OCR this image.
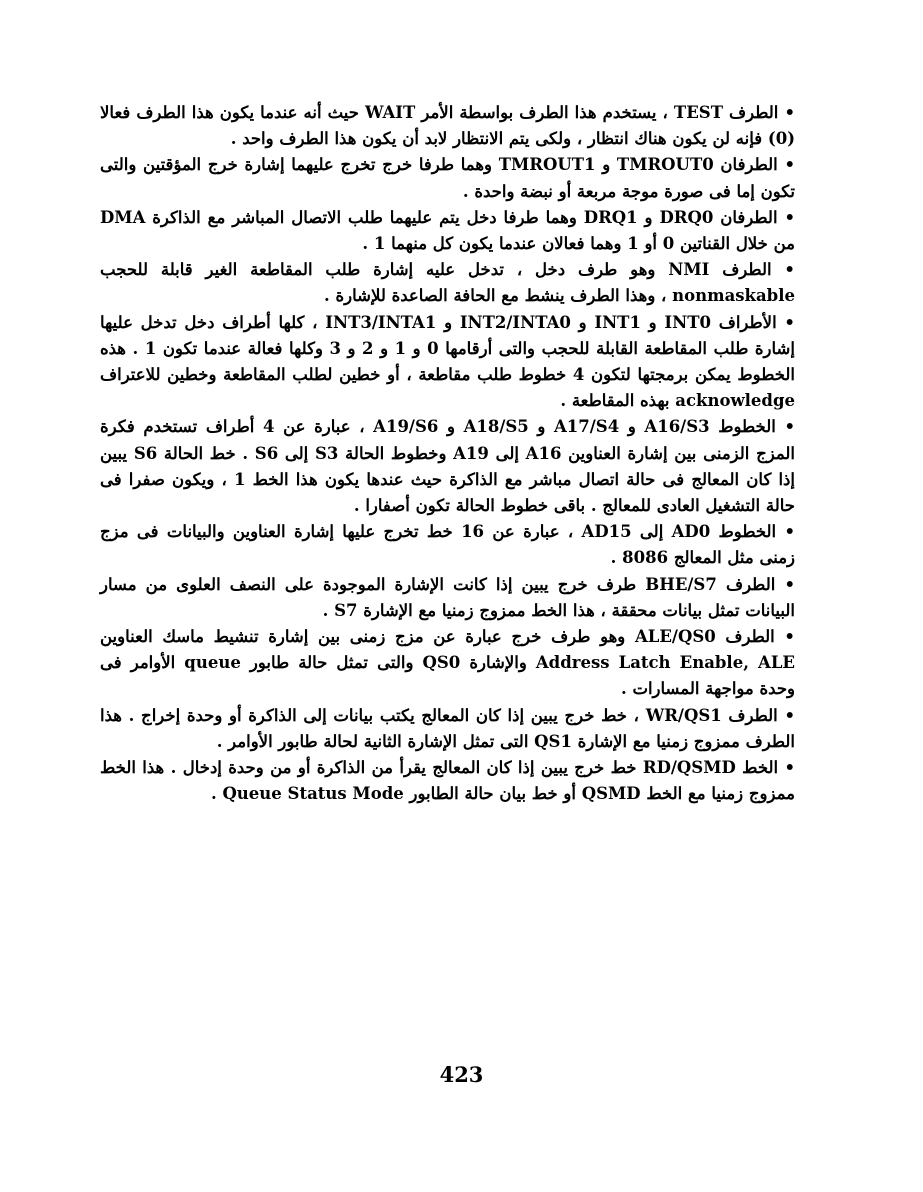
• الطرف TEST ، يستخدم هذا الطرف بواسطة الأمر WAIT حيث أنه عندما يكون هذا الطرف فعالا (0) فإنه لن يكون هناك انتظار ، ولكى يتم الانتظار لابد أن يكون هذا الطرف واحد .

• الطرفان TMROUT0 و TMROUT1 وهما طرفا خرج تخرج عليهما إشارة خرج المؤقتين والتى تكون إما فى صورة موجة مربعة أو نبضة واحدة .

• الطرفان DRQ0 و DRQ1 وهما طرفا دخل يتم عليهما طلب الاتصال المباشر مع الذاكرة DMA من خلال القناتين 0 أو 1 وهما فعالان عندما يكون كل منهما 1 .

• الطرف NMI وهو طرف دخل ، تدخل عليه إشارة طلب المقاطعة الغير قابلة للحجب nonmaskable ، وهذا الطرف ينشط مع الحافة الصاعدة للإشارة .

• الأطراف INT0 و INT1 و INT2/INTA0 و INT3/INTA1 ، كلها أطراف دخل تدخل عليها إشارة طلب المقاطعة القابلة للحجب والتى أرقامها 0 و 1 و 2 و 3 وكلها فعالة عندما تكون 1 . هذه الخطوط يمكن برمجتها لتكون 4 خطوط طلب مقاطعة ، أو خطين لطلب المقاطعة وخطين للاعتراف acknowledge بهذه المقاطعة .

• الخطوط A16/S3 و A17/S4 و A18/S5 و A19/S6 ، عبارة عن 4 أطراف تستخدم فكرة المزج الزمنى بين إشارة العناوين A16 إلى A19 وخطوط الحالة S3 إلى S6 . خط الحالة S6 يبين إذا كان المعالج فى حالة اتصال مباشر مع الذاكرة حيث عندها يكون هذا الخط 1 ، ويكون صفرا فى حالة التشغيل العادى للمعالج . باقى خطوط الحالة تكون أصفارا .

• الخطوط AD0 إلى AD15 ، عبارة عن 16 خط تخرج عليها إشارة العناوين والبيانات فى مزج زمنى مثل المعالج 8086 .

• الطرف BHE/S7 طرف خرج يبين إذا كانت الإشارة الموجودة على النصف العلوى من مسار البيانات تمثل بيانات محققة ، هذا الخط ممزوج زمنيا مع الإشارة S7 .

• الطرف ALE/QS0 وهو طرف خرج عبارة عن مزج زمنى بين إشارة تنشيط ماسك العناوين Address Latch Enable, ALE والإشارة QS0 والتى تمثل حالة طابور queue الأوامر فى وحدة مواجهة المسارات .

• الطرف WR/QS1 ، خط خرج يبين إذا كان المعالج يكتب بيانات إلى الذاكرة أو وحدة إخراج . هذا الطرف ممزوج زمنيا مع الإشارة QS1 التى تمثل الإشارة الثانية لحالة طابور الأوامر .

• الخط RD/QSMD خط خرج يبين إذا كان المعالج يقرأ من الذاكرة أو من وحدة إدخال . هذا الخط ممزوج زمنيا مع الخط QSMD أو خط بيان حالة الطابور Queue Status Mode .

423
